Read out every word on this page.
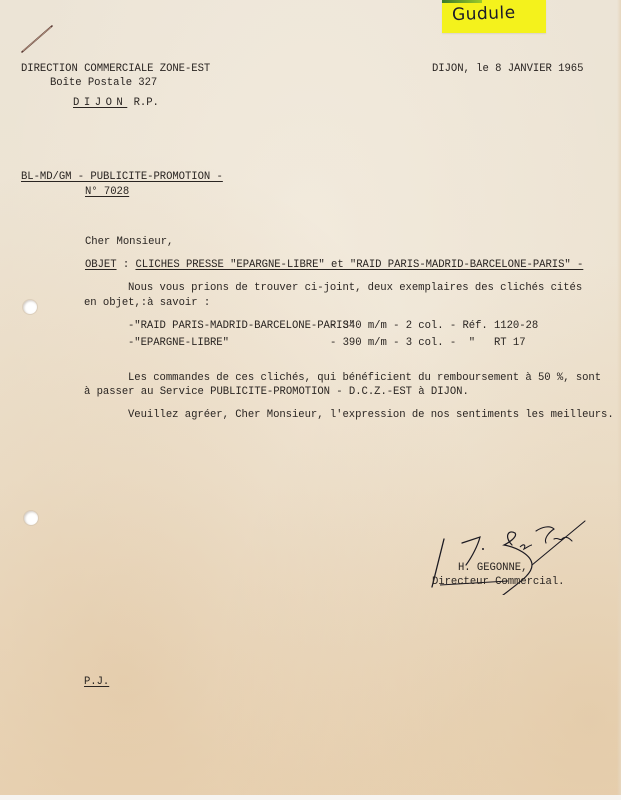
Gudule
DIRECTION COMMERCIALE ZONE-EST
Boîte Postale 327
DIJON R.P.
DIJON, le 8 JANVIER 1965
BL-MD/GM - PUBLICITE-PROMOTION -
N° 7028
Cher Monsieur,
OBJET : CLICHES PRESSE "EPARGNE-LIBRE" et "RAID PARIS-MADRID-BARCELONE-PARIS" -
Nous vous prions de trouver ci-joint, deux exemplaires des clichés cités
en objet,:à savoir :
-"RAID PARIS-MADRID-BARCELONE-PARIS"
- 340 m/m - 2 col. - Réf. 1120-28
-"EPARGNE-LIBRE"	- 390 m/m - 3 col. -  "   RT 17
Les commandes de ces clichés, qui bénéficient du remboursement à 50 %, sont
à passer au Service PUBLICITE-PROMOTION - D.C.Z.-EST à DIJON.
Veuillez agréer, Cher Monsieur, l'expression de nos sentiments les meilleurs.
H. GEGONNE,
Directeur Commercial.
P.J.
